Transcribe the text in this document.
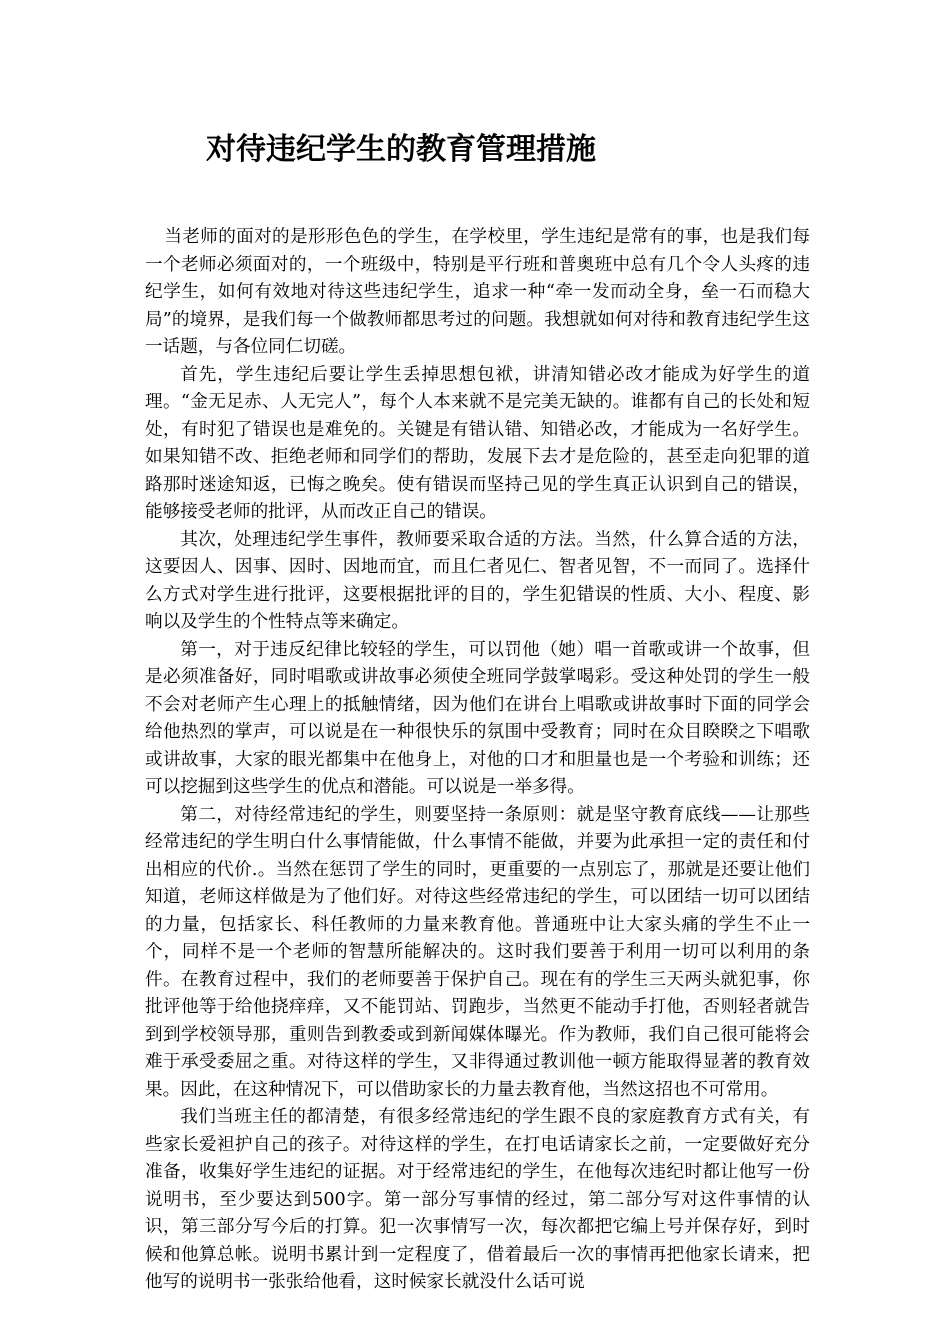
对待违纪学生的教育管理措施

当老师的面对的是形形色色的学生，在学校里，学生违纪是常有的事，也是我们每一个老师必须面对的，一个班级中，特别是平行班和普奥班中总有几个令人头疼的违纪学生，如何有效地对待这些违纪学生，追求一种“牵一发而动全身，垒一石而稳大局”的境界，是我们每一个做教师都思考过的问题。我想就如何对待和教育违纪学生这一话题，与各位同仁切磋。

首先，学生违纪后要让学生丢掉思想包袱，讲清知错必改才能成为好学生的道理。“金无足赤、人无完人”，每个人本来就不是完美无缺的。谁都有自己的长处和短处，有时犯了错误也是难免的。关键是有错认错、知错必改，才能成为一名好学生。如果知错不改、拒绝老师和同学们的帮助，发展下去才是危险的，甚至走向犯罪的道路那时迷途知返，已悔之晚矣。使有错误而坚持己见的学生真正认识到自己的错误，能够接受老师的批评，从而改正自己的错误。

其次，处理违纪学生事件，教师要采取合适的方法。当然，什么算合适的方法，这要因人、因事、因时、因地而宜，而且仁者见仁、智者见智，不一而同了。选择什么方式对学生进行批评，这要根据批评的目的，学生犯错误的性质、大小、程度、影响以及学生的个性特点等来确定。

第一，对于违反纪律比较轻的学生，可以罚他（她）唱一首歌或讲一个故事，但是必须准备好，同时唱歌或讲故事必须使全班同学鼓掌喝彩。受这种处罚的学生一般不会对老师产生心理上的抵触情绪，因为他们在讲台上唱歌或讲故事时下面的同学会给他热烈的掌声，可以说是在一种很快乐的氛围中受教育；同时在众目睽睽之下唱歌或讲故事，大家的眼光都集中在他身上，对他的口才和胆量也是一个考验和训练；还可以挖掘到这些学生的优点和潜能。可以说是一举多得。

第二，对待经常违纪的学生，则要坚持一条原则：就是坚守教育底线——让那些经常违纪的学生明白什么事情能做，什么事情不能做，并要为此承担一定的责任和付出相应的代价.。当然在惩罚了学生的同时，更重要的一点别忘了，那就是还要让他们知道，老师这样做是为了他们好。对待这些经常违纪的学生，可以团结一切可以团结的力量，包括家长、科任教师的力量来教育他。普通班中让大家头痛的学生不止一个，同样不是一个老师的智慧所能解决的。这时我们要善于利用一切可以利用的条件。在教育过程中，我们的老师要善于保护自己。现在有的学生三天两头就犯事，你批评他等于给他挠痒痒，又不能罚站、罚跑步，当然更不能动手打他，否则轻者就告到到学校领导那，重则告到教委或到新闻媒体曝光。作为教师，我们自己很可能将会难于承受委屈之重。对待这样的学生，又非得通过教训他一顿方能取得显著的教育效果。因此，在这种情况下，可以借助家长的力量去教育他，当然这招也不可常用。

我们当班主任的都清楚，有很多经常违纪的学生跟不良的家庭教育方式有关，有些家长爱袒护自己的孩子。对待这样的学生，在打电话请家长之前，一定要做好充分准备，收集好学生违纪的证据。对于经常违纪的学生，在他每次违纪时都让他写一份说明书，至少要达到500字。第一部分写事情的经过，第二部分写对这件事情的认识，第三部分写今后的打算。犯一次事情写一次，每次都把它编上号并保存好，到时候和他算总帐。说明书累计到一定程度了，借着最后一次的事情再把他家长请来，把他写的说明书一张张给他看，这时候家长就没什么话可说
